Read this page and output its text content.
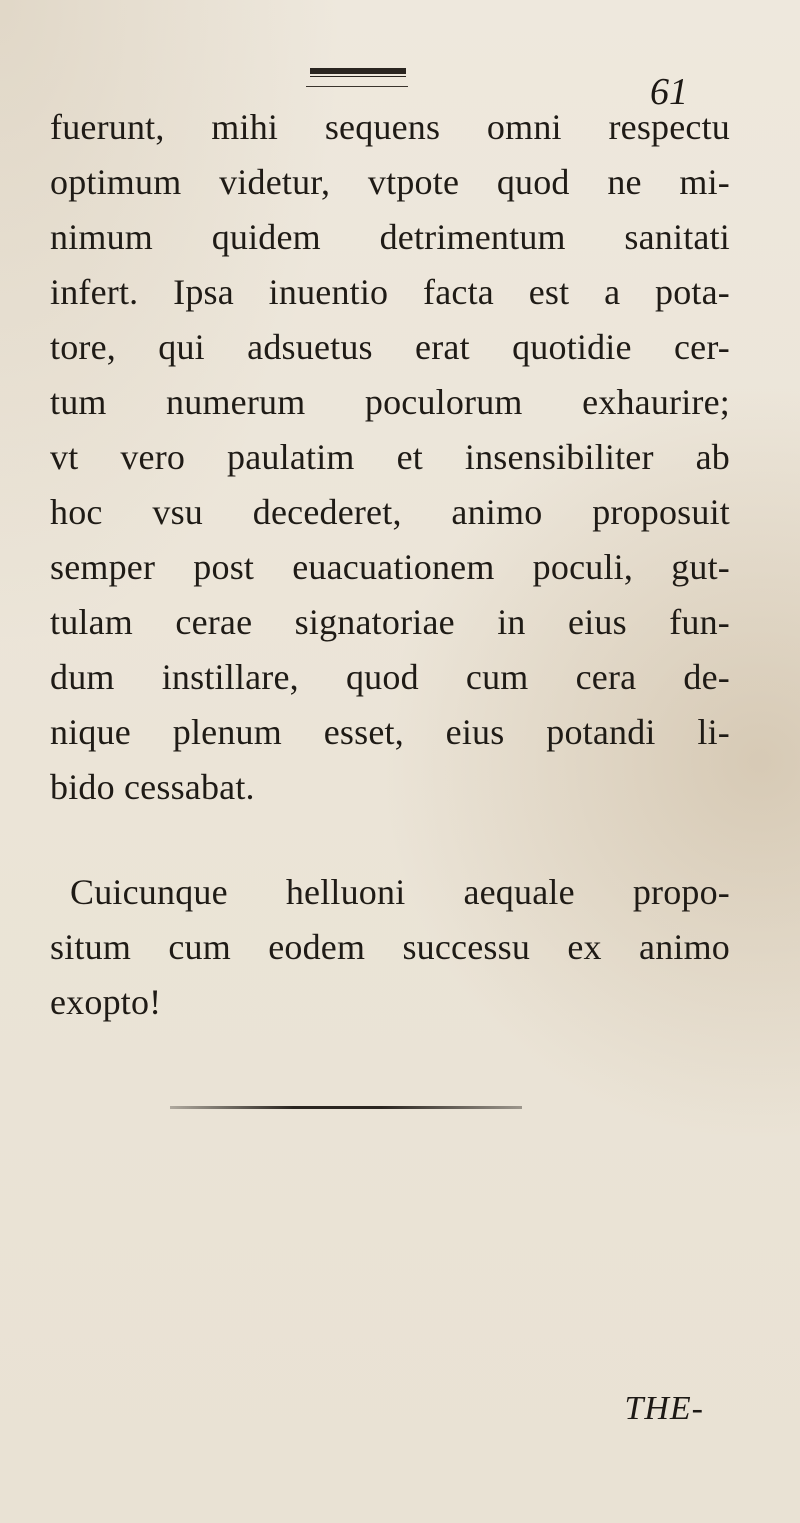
61
fuerunt, mihi sequens omni respectu
optimum videtur, vtpote quod ne mi-
nimum quidem detrimentum sanitati
infert. Ipsa inuentio facta est a pota-
tore, qui adsuetus erat quotidie cer-
tum numerum poculorum exhaurire;
vt vero paulatim et insensibiliter ab
hoc vsu decederet, animo proposuit
semper post euacuationem poculi, gut-
tulam cerae signatoriae in eius fun-
dum instillare, quod cum cera de-
nique plenum esset, eius potandi li-
bido cessabat.
Cuicunque helluoni aequale propo-
situm cum eodem successu ex animo
exopto!
THE-
